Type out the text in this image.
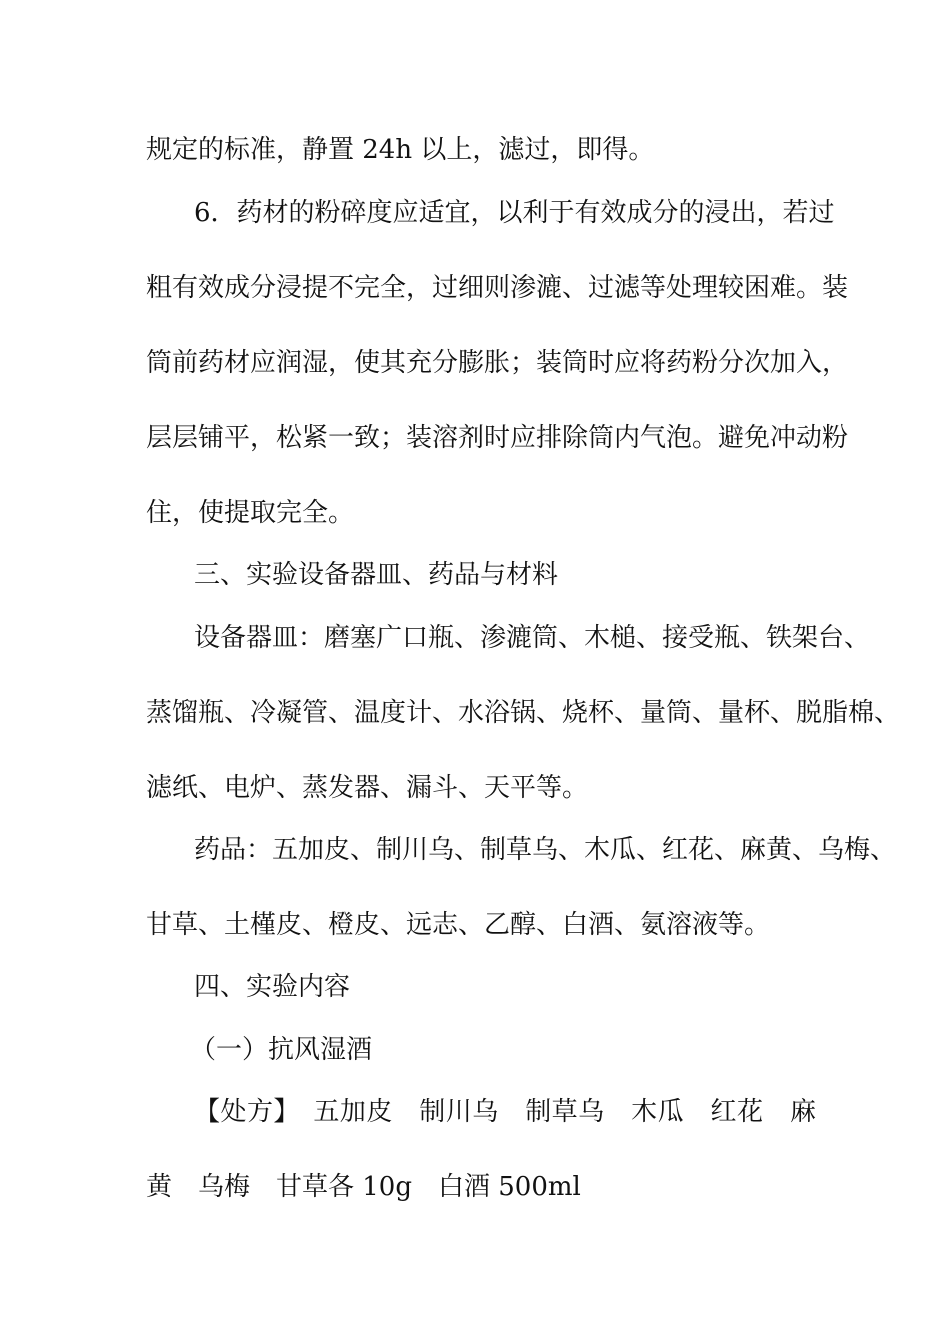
规定的标准，静置 24h 以上，滤过，即得。
6．药材的粉碎度应适宜，以利于有效成分的浸出，若过
粗有效成分浸提不完全，过细则渗漉、过滤等处理较困难。装
筒前药材应润湿，使其充分膨胀；装筒时应将药粉分次加入，
层层铺平，松紧一致；装溶剂时应排除筒内气泡。避免冲动粉
住，使提取完全。
三、实验设备器皿、药品与材料
设备器皿：磨塞广口瓶、渗漉筒、木槌、接受瓶、铁架台、
蒸馏瓶、冷凝管、温度计、水浴锅、烧杯、量筒、量杯、脱脂棉、
滤纸、电炉、蒸发器、漏斗、天平等。
药品：五加皮、制川乌、制草乌、木瓜、红花、麻黄、乌梅、
甘草、土槿皮、橙皮、远志、乙醇、白酒、氨溶液等。
四、实验内容
（一）抗风湿酒
【处方】　五加皮　制川乌　制草乌　木瓜　红花　麻
黄　乌梅　甘草各 10g　白酒 500ml
